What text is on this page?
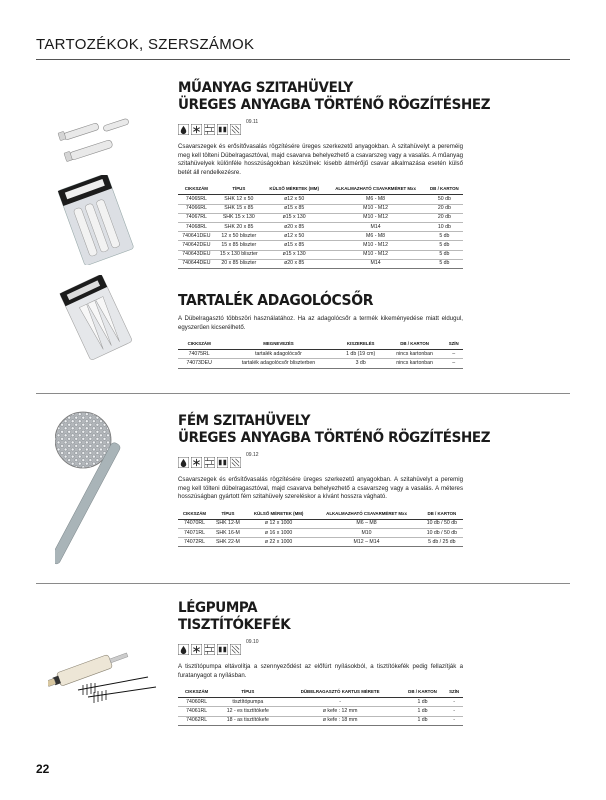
TARTOZÉKOK, SZERSZÁMOK
MŰANYAG SZITAHÜVELY
ÜREGES ANYAGBA TÖRTÉNŐ RÖGZÍTÉSHEZ
09.11

Csavarszegek és erősítővasalás rögzítésére üreges szerkezetű anyagokban. A szitahüvelyt a pereméig meg kell tölteni Dübelragasztóval, majd csavarva behelyezhető a csavarszeg vagy a vasalás. A műanyag szitahüvelyek különféle hosszúságokban készülnek: kisebb átmérőjű csavar alkalmazása esetén külső betét áll rendelkezésre.

CIKKSZÁM	TÍPUS	KÜLSŐ MÉRETEK (MM)	ALKALMAZHATÓ CSAVARMÉRET Mxx	DB / KARTON
74065RL	SHK 12 x 50	ø12 x 50	M6 - M8	50 db
74066RL	SHK 15 x 85	ø15 x 85	M10 - M12	20 db
74067RL	SHK 15 x 130	ø15 x 130	M10 - M12	20 db
74068RL	SHK 20 x 85	ø20 x 85	M14	10 db
740641DEU	12 x 50 bliszter	ø12 x 50	M6 - M8	5 db
740642DEU	15 x 85 bliszter	ø15 x 85	M10 - M12	5 db
740643DEU	15 x 130 bliszter	ø15 x 130	M10 - M12	5 db
740644DEU	20 x 85 bliszter	ø20 x 85	M14	5 db
TARTALÉK ADAGOLÓCSŐR

A Dübelragasztó többszöri használatához. Ha az adagolócsőr a termék kikeményedése miatt eldugul, egyszerűen kicserélhető.

CIKKSZÁM	MEGNEVEZÉS	KISZERELÉS	DB / KARTON	SZÍN
74075RL	tartalék adagolócsőr	1 db (19 cm)	nincs kartonban	–
74073DEU	tartalék adagolócsőr bliszterben	3 db	nincs kartonban	–
FÉM SZITAHÜVELY
ÜREGES ANYAGBA TÖRTÉNŐ RÖGZÍTÉSHEZ
09.12

Csavarszegek és erősítővasalás rögzítésére üreges szerkezetű anyagokban. A szitahüvelyt a peremig meg kell tölteni dübelragasztóval, majd csavarva behelyezhető a csavarszeg vagy a vasalás. A méteres hosszúságban gyártott fém szitahüvely szereléskor a kívánt hosszra vágható.

CIKKSZÁM	TÍPUS	KÜLSŐ MÉRETEK (MM)	ALKALMAZHATÓ CSAVARMÉRET Mxx	DB / KARTON
74070RL	SHK 12-M	ø 12 x 1000	M6 – M8	10 db / 50 db
74071RL	SHK 16-M	ø 16 x 1000	M10	10 db / 50 db
74072RL	SHK 22-M	ø 22 x 1000	M12 – M14	5 db / 25 db
LÉGPUMPA
TISZTÍTÓKEFÉK
09.10

A tisztítópumpa eltávolítja a szennyeződést az előfúrt nyílásokból, a tisztítókefék pedig fellazítják a furatanyagot a nyílásban.

CIKKSZÁM	TÍPUS	DÜBELRAGASZTÓ KARTUS MÉRETE	DB / KARTON	SZÍN
74060RL	tisztítópumpa	-	1 db	-
74061RL	12 - es tisztítókefe	ø kefe : 12 mm	1 db	-
74062RL	18 - as tisztítókefe	ø kefe : 18 mm	1 db	-
22
